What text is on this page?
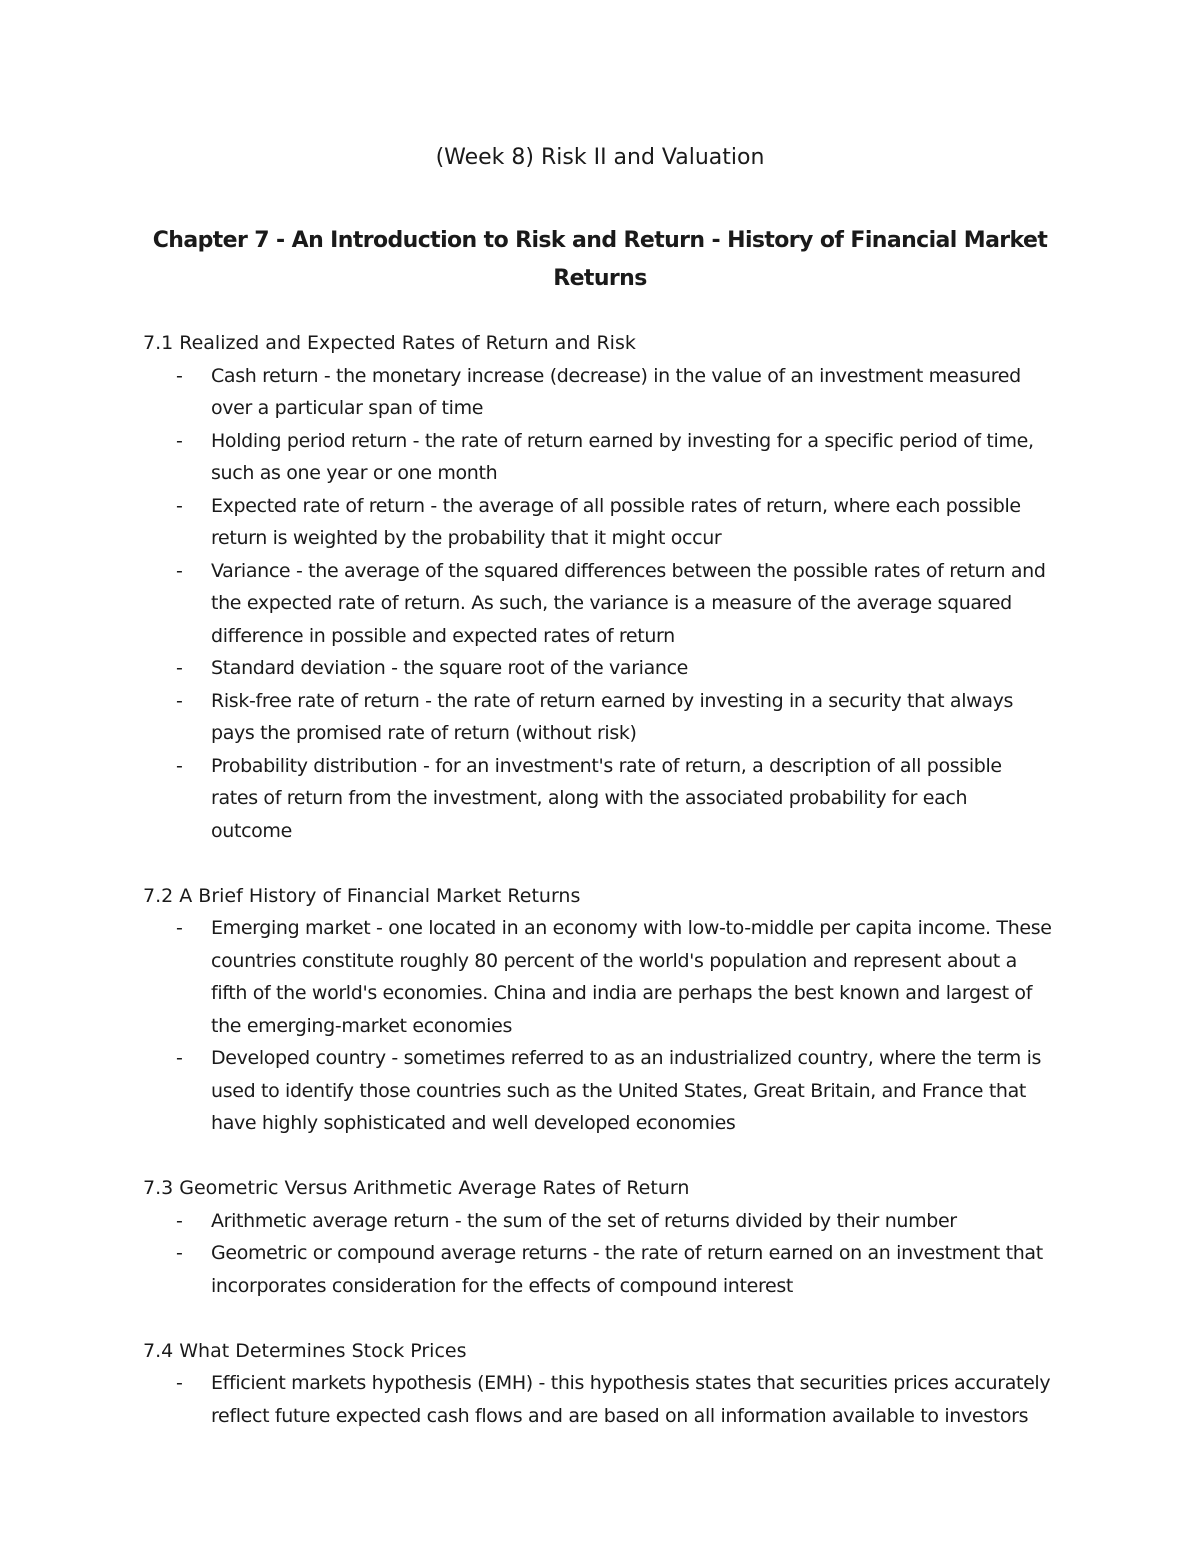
(Week 8) Risk II and Valuation
Chapter 7 - An Introduction to Risk and Return - History of Financial Market Returns

7.1 Realized and Expected Rates of Return and Risk

- Cash return - the monetary increase (decrease) in the value of an investment measured over a particular span of time
- Holding period return - the rate of return earned by investing for a specific period of time, such as one year or one month
- Expected rate of return - the average of all possible rates of return, where each possible return is weighted by the probability that it might occur
- Variance - the average of the squared differences between the possible rates of return and the expected rate of return. As such, the variance is a measure of the average squared difference in possible and expected rates of return
- Standard deviation - the square root of the variance
- Risk-free rate of return - the rate of return earned by investing in a security that always pays the promised rate of return (without risk)
- Probability distribution - for an investment's rate of return, a description of all possible rates of return from the investment, along with the associated probability for each outcome

7.2 A Brief History of Financial Market Returns

- Emerging market - one located in an economy with low-to-middle per capita income. These countries constitute roughly 80 percent of the world's population and represent about a fifth of the world's economies. China and india are perhaps the best known and largest of the emerging-market economies
- Developed country - sometimes referred to as an industrialized country, where the term is used to identify those countries such as the United States, Great Britain, and France that have highly sophisticated and well developed economies

7.3 Geometric Versus Arithmetic Average Rates of Return

- Arithmetic average return - the sum of the set of returns divided by their number
- Geometric or compound average returns - the rate of return earned on an investment that incorporates consideration for the effects of compound interest

7.4 What Determines Stock Prices

- Efficient markets hypothesis (EMH) - this hypothesis states that securities prices accurately reflect future expected cash flows and are based on all information available to investors
